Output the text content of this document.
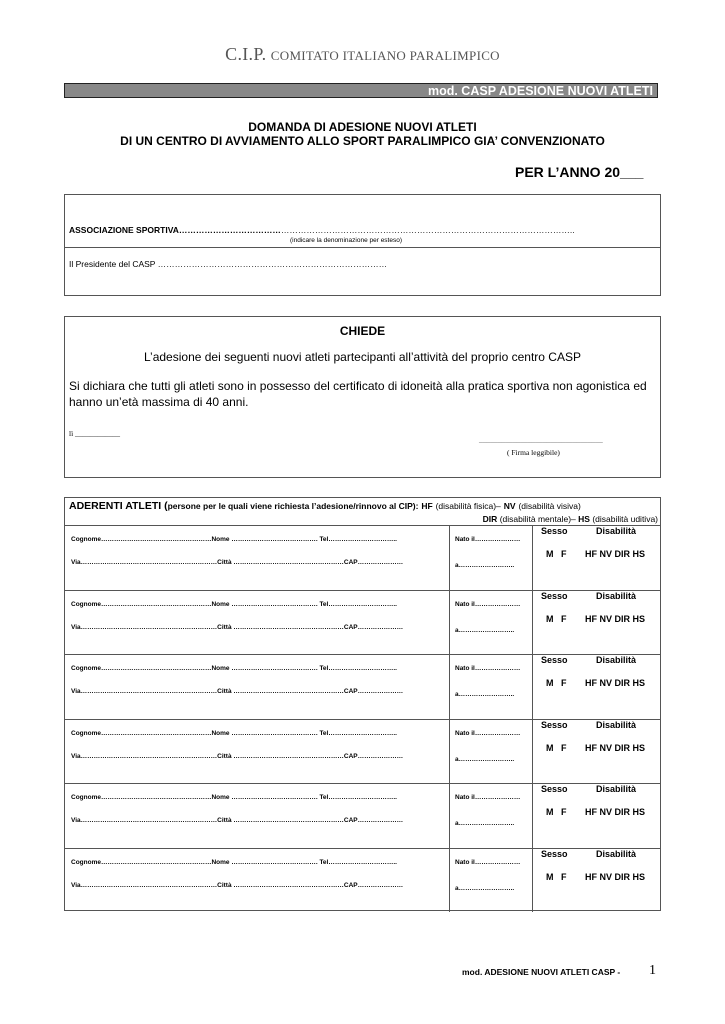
C.I.P. COMITATO ITALIANO PARALIMPICO
mod. CASP ADESIONE NUOVI ATLETI
DOMANDA DI ADESIONE NUOVI ATLETI
DI UN CENTRO DI AVVIAMENTO ALLO SPORT PARALIMPICO GIA’ CONVENZIONATO
PER L’ANNO 20___
ASSOCIAZIONE SPORTIVA…………………………………………………………………………………………………………………………..
(indicare la denominazione per esteso)
Il Presidente del CASP ………………………………………………………………………
CHIEDE
L’adesione dei seguenti nuovi atleti partecipanti all’attività del proprio centro CASP
Si dichiara che tutti gli atleti sono in possesso del certificato di idoneità alla pratica sportiva non agonistica ed hanno un’età massima di 40 anni.
lì ____________
_________________________________
( Firma leggibile)
ADERENTI ATLETI (persone per le quali viene richiesta l’adesione/rinnovo al CIP): HF (disabilità fisica)– NV (disabilità visiva)
DIR (disabilità mentale)– HS (disabilità uditiva)
Cognome……………………………………………Nome …………………………………. Tel…………………………..
Via………………………………………………………Città ……………………………………………CAP…………………
Nato il…………………
a……………………..
Sesso	Disabilità
M   F HF NV DIR HS
Cognome……………………………………………Nome …………………………………. Tel…………………………..
Via………………………………………………………Città ……………………………………………CAP…………………
Nato il…………………
a……………………..
Sesso	Disabilità
M   F HF NV DIR HS
Cognome……………………………………………Nome …………………………………. Tel…………………………..
Via………………………………………………………Città ……………………………………………CAP…………………
Nato il…………………
a……………………..
Sesso	Disabilità
M   F HF NV DIR HS
Cognome……………………………………………Nome …………………………………. Tel…………………………..
Via………………………………………………………Città ……………………………………………CAP…………………
Nato il…………………
a……………………..
Sesso	Disabilità
M   F HF NV DIR HS
Cognome……………………………………………Nome …………………………………. Tel…………………………..
Via………………………………………………………Città ……………………………………………CAP…………………
Nato il…………………
a……………………..
Sesso	Disabilità
M   F HF NV DIR HS
Cognome……………………………………………Nome …………………………………. Tel…………………………..
Via………………………………………………………Città ……………………………………………CAP…………………
Nato il…………………
a……………………..
Sesso	Disabilità
M   F HF NV DIR HS
mod. ADESIONE NUOVI ATLETI CASP - 1
